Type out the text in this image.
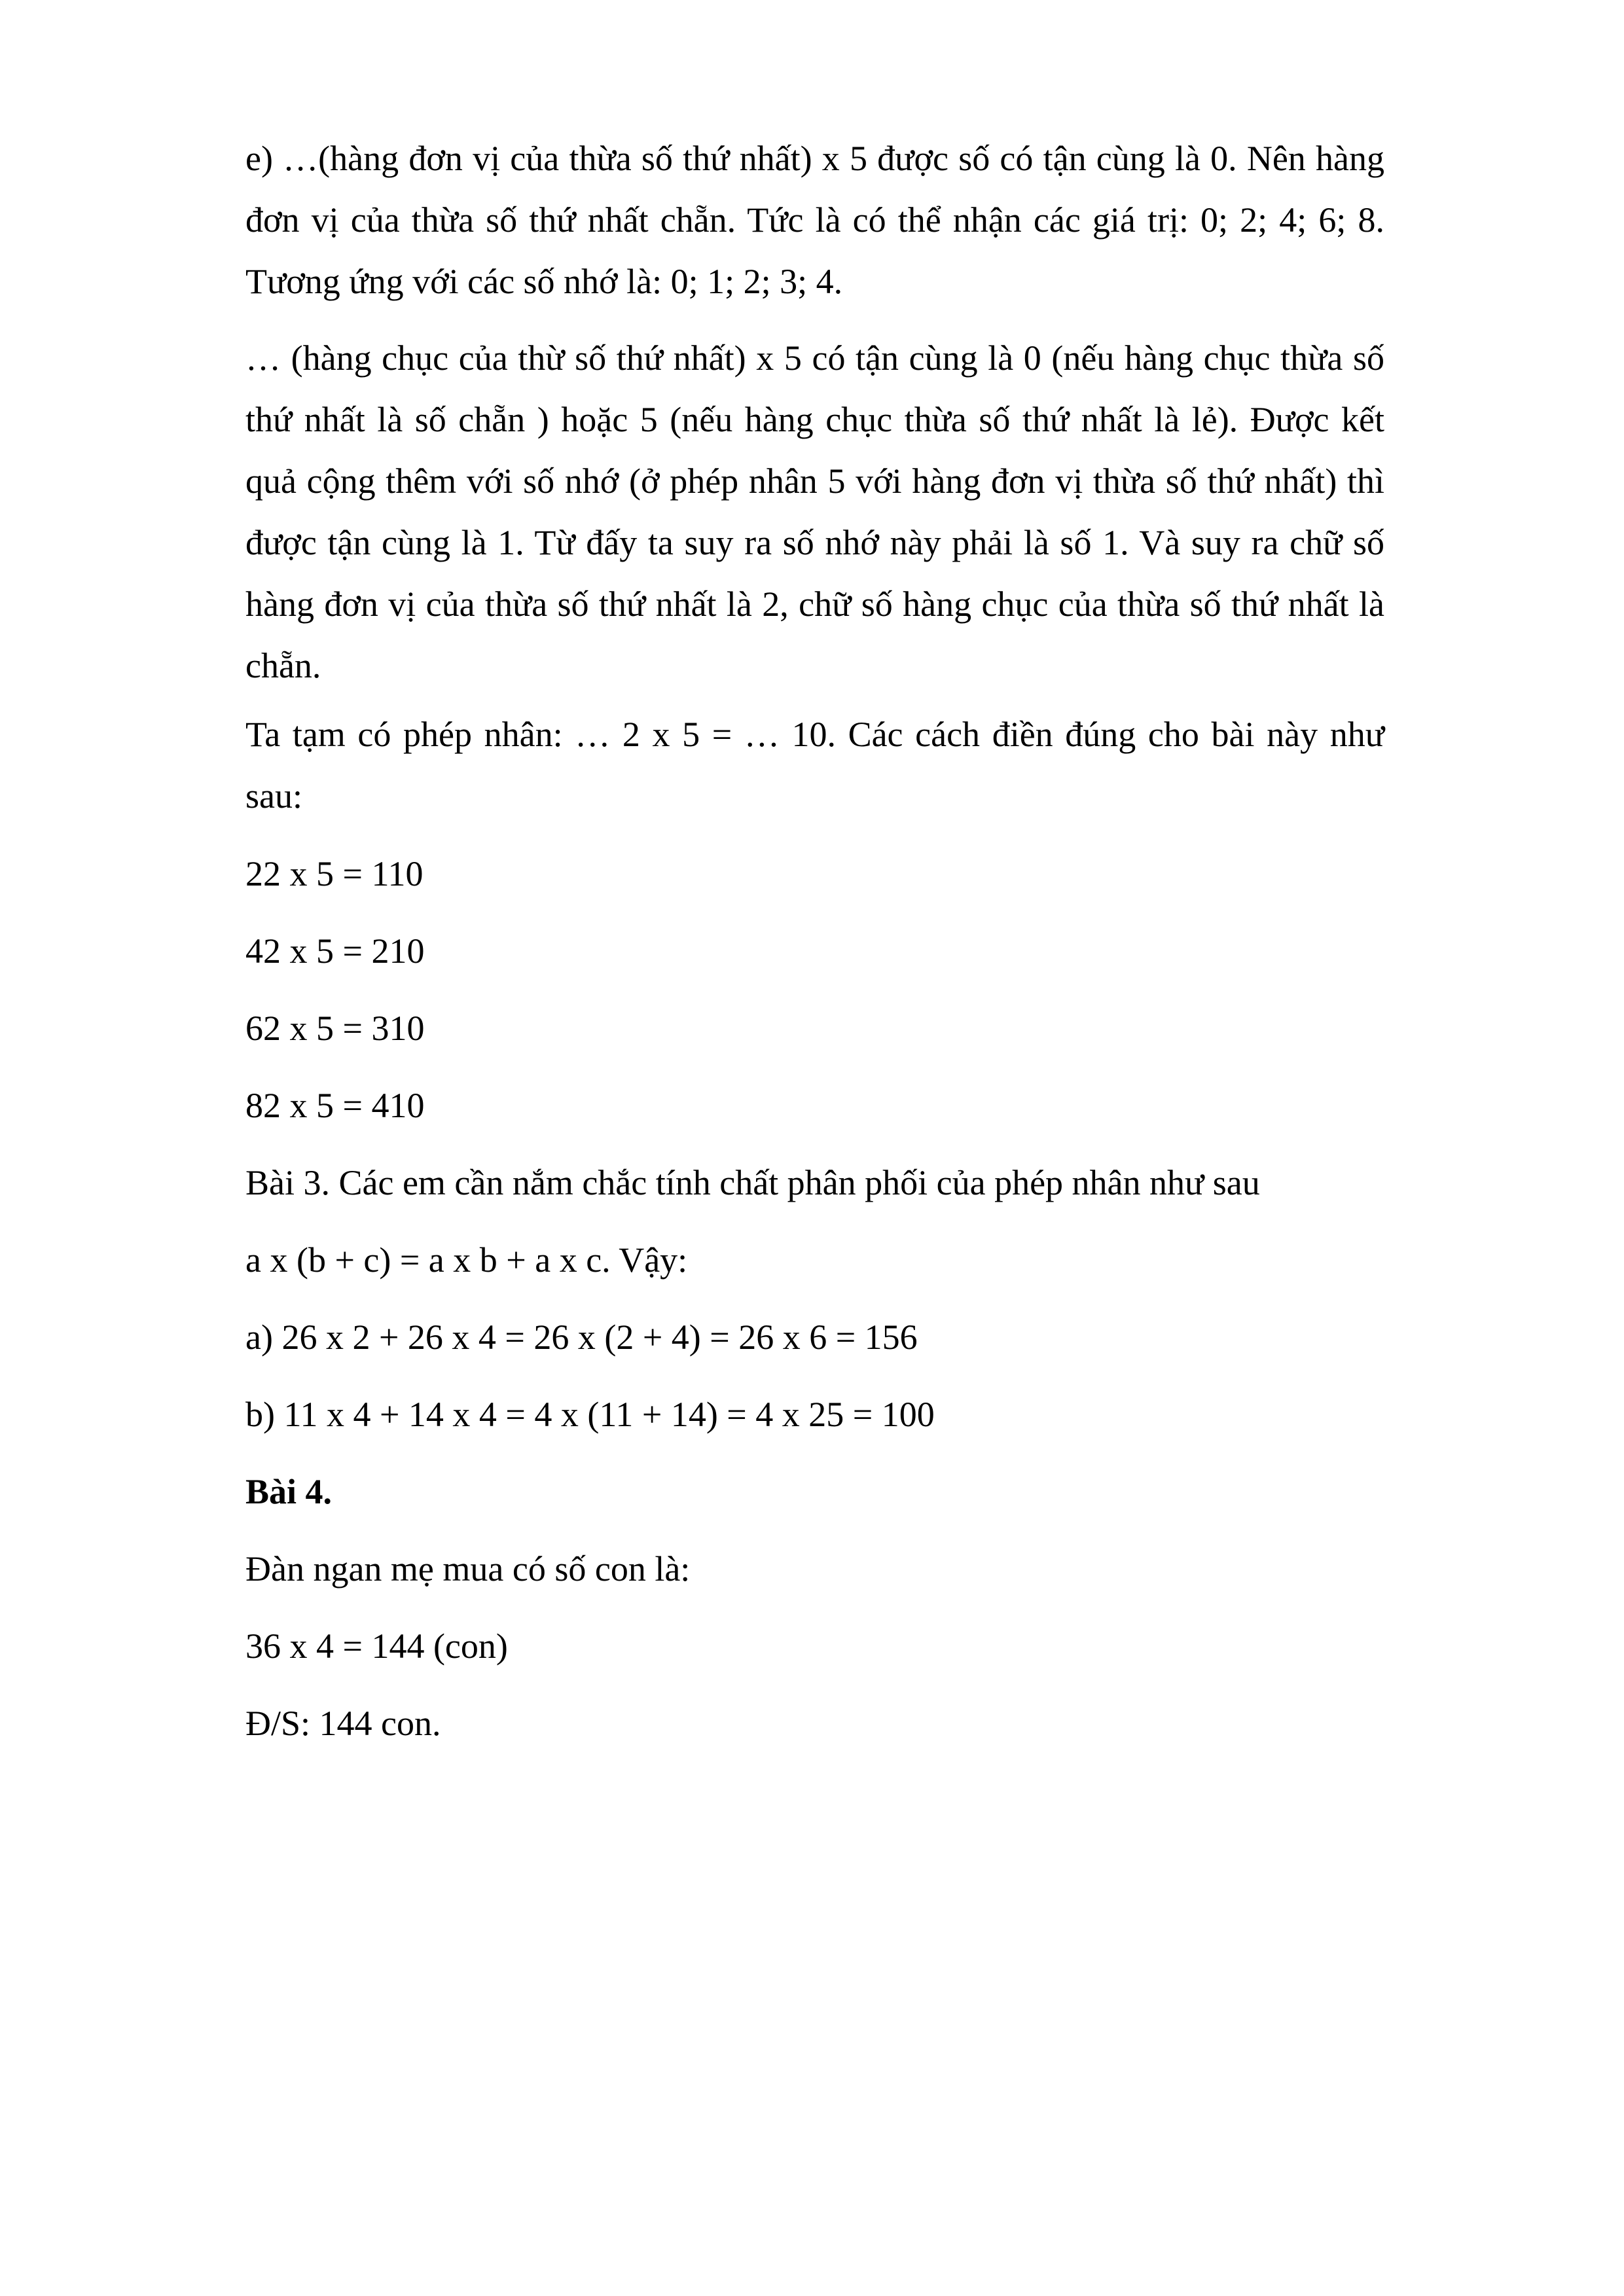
e) …(hàng đơn vị của thừa số thứ nhất) x 5 được số có tận cùng là 0. Nên hàng đơn vị của thừa số thứ nhất chẵn. Tức là có thể nhận các giá trị: 0; 2; 4; 6; 8. Tương ứng với các số nhớ là: 0; 1; 2; 3; 4.
… (hàng chục của thừ số thứ nhất) x 5 có tận cùng là 0 (nếu hàng chục thừa số thứ nhất là số chẵn ) hoặc 5 (nếu hàng chục thừa số thứ nhất là lẻ). Được kết quả cộng thêm với số nhớ (ở phép nhân 5 với hàng đơn vị thừa số thứ nhất) thì được tận cùng là 1. Từ đấy ta suy ra số nhớ này phải là số 1. Và suy ra chữ số hàng đơn vị của thừa số thứ nhất là 2, chữ số hàng chục của thừa số thứ nhất là chẵn.
Ta tạm có phép nhân: … 2 x 5 = … 10. Các cách điền đúng cho bài này như sau:
22 x 5 = 110
42 x 5 = 210
62 x 5 = 310
82 x 5 = 410
Bài 3. Các em cần nắm chắc tính chất phân phối của phép nhân như sau
a x (b + c) = a x b + a x c. Vậy:
a) 26 x 2 + 26 x 4 = 26 x (2 + 4) = 26 x 6 = 156
b) 11 x 4 + 14 x 4 = 4 x (11 + 14) = 4 x 25 = 100
Bài 4.
Đàn ngan mẹ mua có số con là:
36 x 4 = 144 (con)
Đ/S: 144 con.
